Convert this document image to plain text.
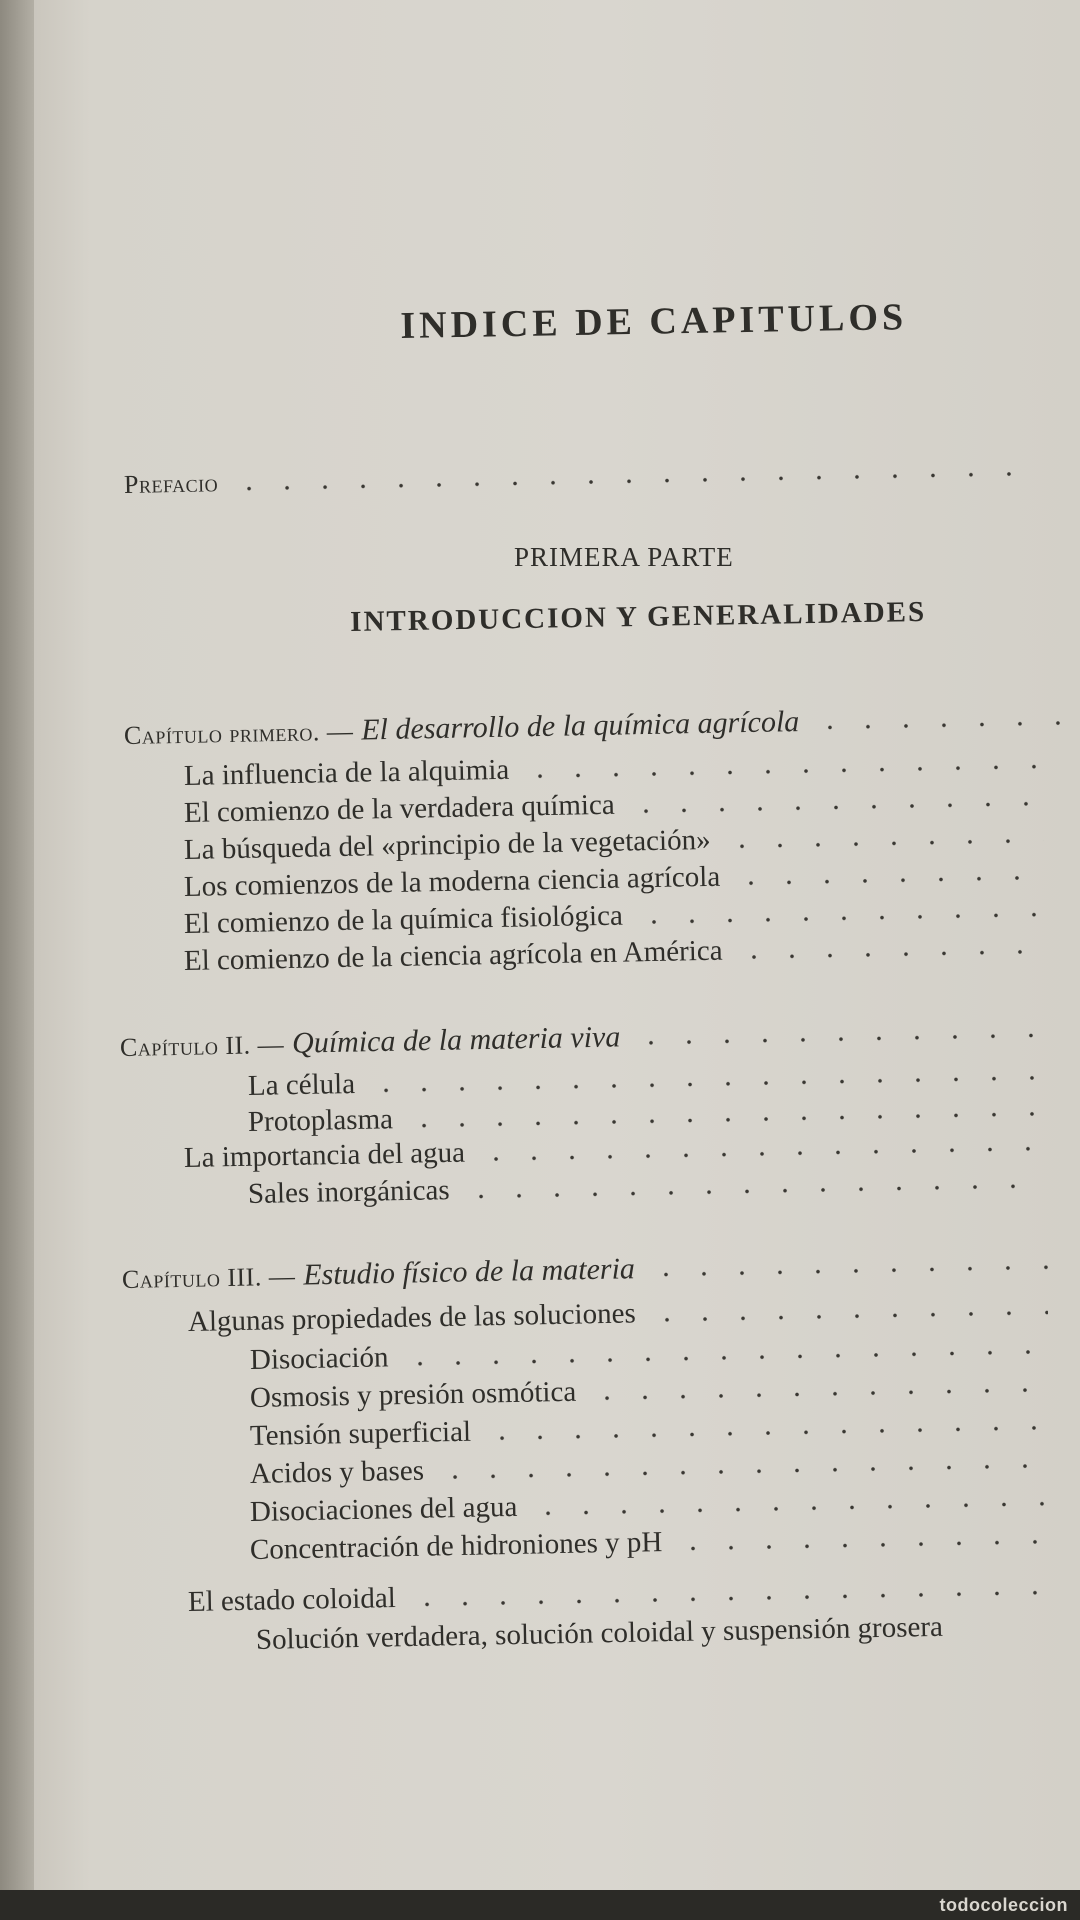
INDICE DE CAPITULOS
Prefacio
PRIMERA PARTE
INTRODUCCION Y GENERALIDADES
Capítulo primero. — El desarrollo de la química agrícola
La influencia de la alquimia
El comienzo de la verdadera química
La búsqueda del «principio de la vegetación»
Los comienzos de la moderna ciencia agrícola
El comienzo de la química fisiológica
El comienzo de la ciencia agrícola en América
Capítulo II. — Química de la materia viva
La célula
Protoplasma
La importancia del agua
Sales inorgánicas
Capítulo III. — Estudio físico de la materia
Algunas propiedades de las soluciones
Disociación
Osmosis y presión osmótica
Tensión superficial
Acidos y bases
Disociaciones del agua
Concentración de hidroniones y pH
El estado coloidal
Solución verdadera, solución coloidal y suspensión grosera
todocoleccion
